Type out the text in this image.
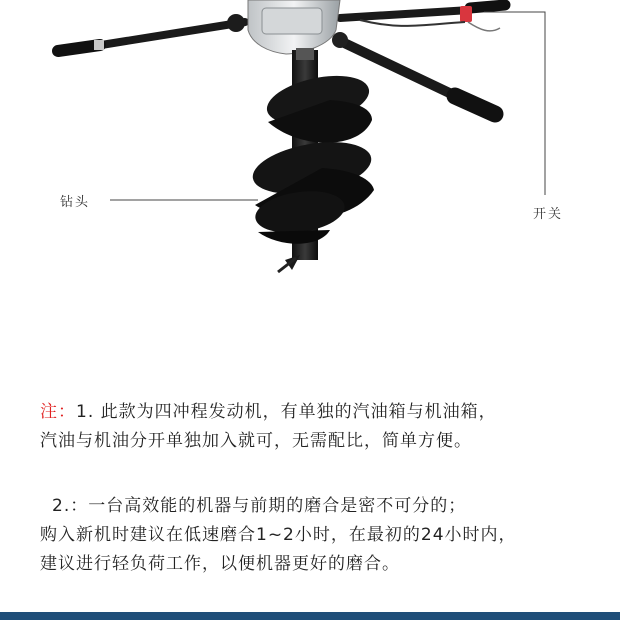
钻头
开关

注：1. 此款为四冲程发动机，有单独的汽油箱与机油箱，

汽油与机油分开单独加入就可，无需配比，简单方便。

2.：一台高效能的机器与前期的磨合是密不可分的；

购入新机时建议在低速磨合1~2小时，在最初的24小时内，

建议进行轻负荷工作，以便机器更好的磨合。
